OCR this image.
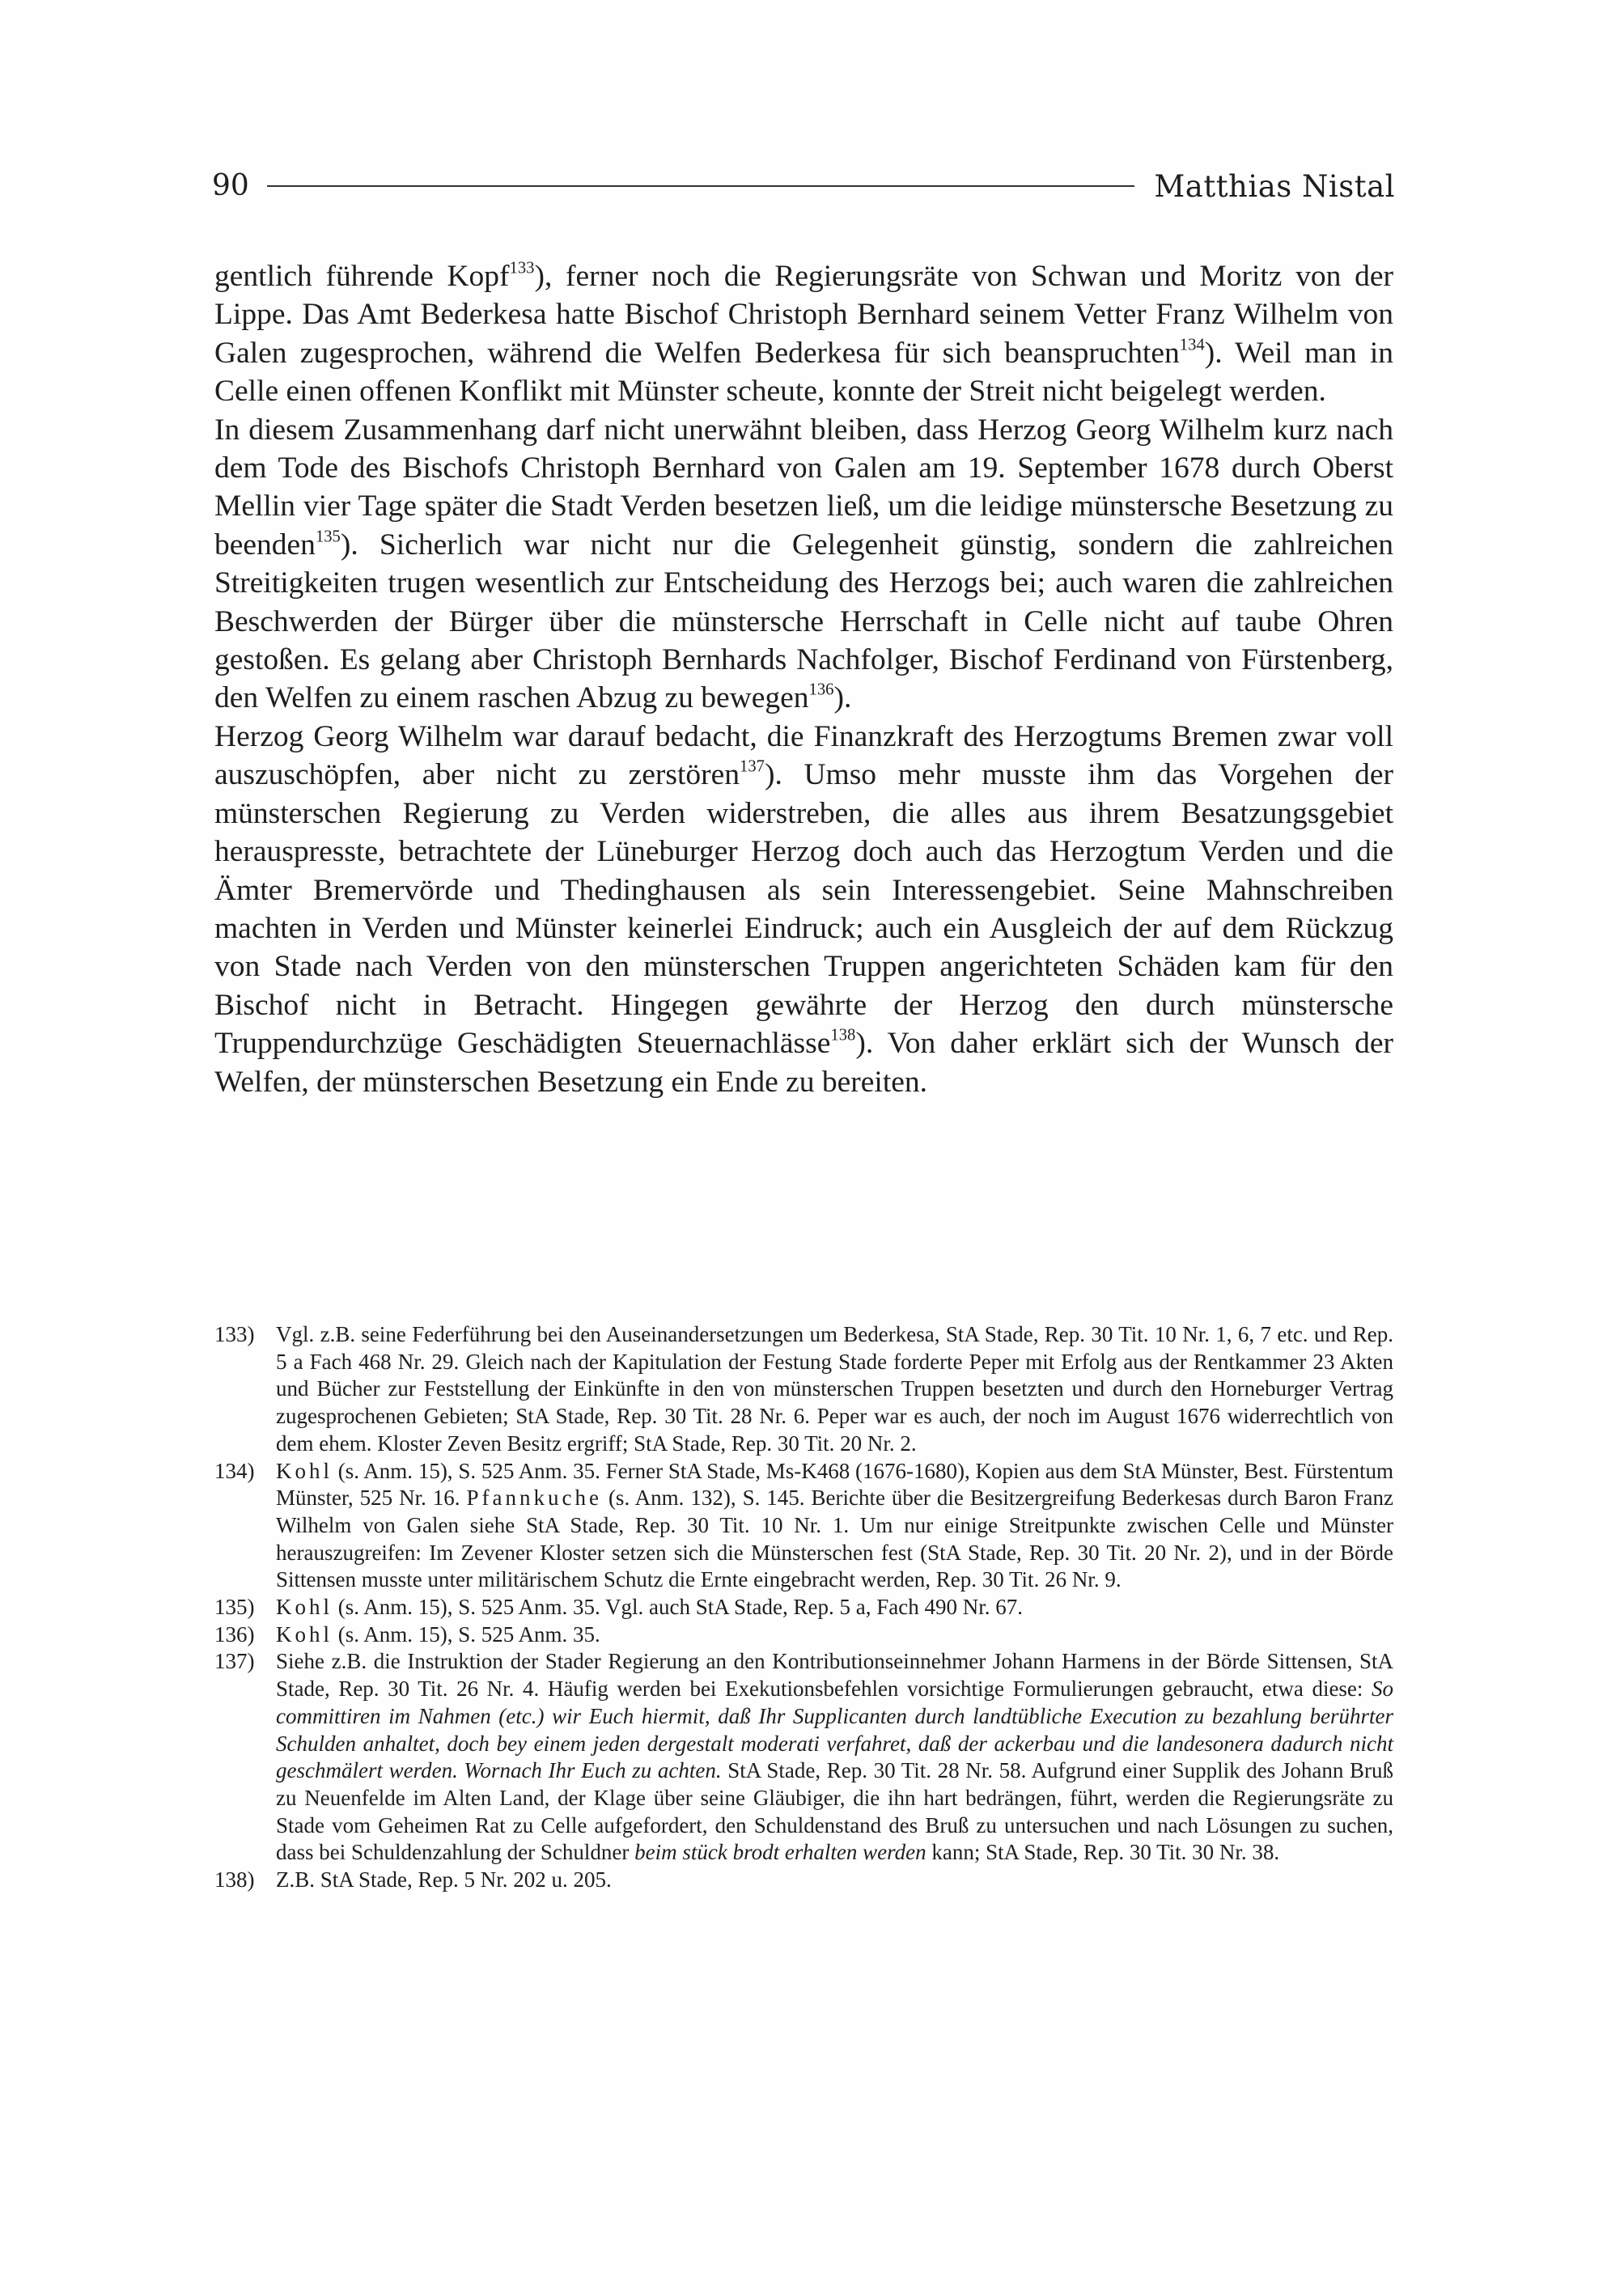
90	Matthias Nistal

gentlich führende Kopf$^{133}$), ferner noch die Regierungsräte von Schwan und Moritz von der Lippe. Das Amt Bederkesa hatte Bischof Christoph Bernhard seinem Vetter Franz Wilhelm von Galen zugesprochen, während die Welfen Bederkesa für sich beanspruchten$^{134}$). Weil man in Celle einen offenen Konflikt mit Münster scheute, konnte der Streit nicht beigelegt werden.

In diesem Zusammenhang darf nicht unerwähnt bleiben, dass Herzog Georg Wilhelm kurz nach dem Tode des Bischofs Christoph Bernhard von Galen am 19. September 1678 durch Oberst Mellin vier Tage später die Stadt Verden besetzen ließ, um die leidige münstersche Besetzung zu beenden$^{135}$). Sicherlich war nicht nur die Gelegenheit günstig, sondern die zahlreichen Streitigkeiten trugen wesentlich zur Entscheidung des Herzogs bei; auch waren die zahlreichen Beschwerden der Bürger über die münstersche Herrschaft in Celle nicht auf taube Ohren gestoßen. Es gelang aber Christoph Bernhards Nachfolger, Bischof Ferdinand von Fürstenberg, den Welfen zu einem raschen Abzug zu bewegen$^{136}$).

Herzog Georg Wilhelm war darauf bedacht, die Finanzkraft des Herzogtums Bremen zwar voll auszuschöpfen, aber nicht zu zerstören$^{137}$). Umso mehr musste ihm das Vorgehen der münsterschen Regierung zu Verden widerstreben, die alles aus ihrem Besatzungsgebiet herauspresste, betrachtete der Lüneburger Herzog doch auch das Herzogtum Verden und die Ämter Bremervörde und Thedinghausen als sein Interessengebiet. Seine Mahnschreiben machten in Verden und Münster keinerlei Eindruck; auch ein Ausgleich der auf dem Rückzug von Stade nach Verden von den münsterschen Truppen angerichteten Schäden kam für den Bischof nicht in Betracht. Hingegen gewährte der Herzog den durch münstersche Truppendurchzüge Geschädigten Steuernachlässe$^{138}$). Von daher erklärt sich der Wunsch der Welfen, der münsterschen Besetzung ein Ende zu bereiten.

133) Vgl. z.B. seine Federführung bei den Auseinandersetzungen um Bederkesa, StA Stade, Rep. 30 Tit. 10 Nr. 1, 6, 7 etc. und Rep. 5 a Fach 468 Nr. 29. Gleich nach der Kapitulation der Festung Stade forderte Peper mit Erfolg aus der Rentkammer 23 Akten und Bücher zur Feststellung der Einkünfte in den von münsterschen Truppen besetzten und durch den Horneburger Vertrag zugesprochenen Gebieten; StA Stade, Rep. 30 Tit. 28 Nr. 6. Peper war es auch, der noch im August 1676 widerrechtlich von dem ehem. Kloster Zeven Besitz ergriff; StA Stade, Rep. 30 Tit. 20 Nr. 2.
134) Kohl (s. Anm. 15), S. 525 Anm. 35. Ferner StA Stade, Ms-K468 (1676-1680), Kopien aus dem StA Münster, Best. Fürstentum Münster, 525 Nr. 16. Pfannkuche (s. Anm. 132), S. 145. Berichte über die Besitzergreifung Bederkesas durch Baron Franz Wilhelm von Galen siehe StA Stade, Rep. 30 Tit. 10 Nr. 1. Um nur einige Streitpunkte zwischen Celle und Münster herauszugreifen: Im Zevener Kloster setzen sich die Münsterschen fest (StA Stade, Rep. 30 Tit. 20 Nr. 2), und in der Börde Sittensen musste unter militärischem Schutz die Ernte eingebracht werden, Rep. 30 Tit. 26 Nr. 9.
135) Kohl (s. Anm. 15), S. 525 Anm. 35. Vgl. auch StA Stade, Rep. 5 a, Fach 490 Nr. 67.
136) Kohl (s. Anm. 15), S. 525 Anm. 35.
137) Siehe z.B. die Instruktion der Stader Regierung an den Kontributionseinnehmer Johann Harmens in der Börde Sittensen, StA Stade, Rep. 30 Tit. 26 Nr. 4. Häufig werden bei Exekutionsbefehlen vorsichtige Formulierungen gebraucht, etwa diese: So committiren im Nahmen (etc.) wir Euch hiermit, daß Ihr Supplicanten durch landtübliche Execution zu bezahlung berührter Schulden anhaltet, doch bey einem jeden dergestalt moderati verfahret, daß der ackerbau und die landesonera dadurch nicht geschmälert werden. Wornach Ihr Euch zu achten. StA Stade, Rep. 30 Tit. 28 Nr. 58. Aufgrund einer Supplik des Johann Bruß zu Neuenfelde im Alten Land, der Klage über seine Gläubiger, die ihn hart bedrängen, führt, werden die Regierungsräte zu Stade vom Geheimen Rat zu Celle aufgefordert, den Schuldenstand des Bruß zu untersuchen und nach Lösungen zu suchen, dass bei Schuldenzahlung der Schuldner beim stück brodt erhalten werden kann; StA Stade, Rep. 30 Tit. 30 Nr. 38.
138) Z.B. StA Stade, Rep. 5 Nr. 202 u. 205.
